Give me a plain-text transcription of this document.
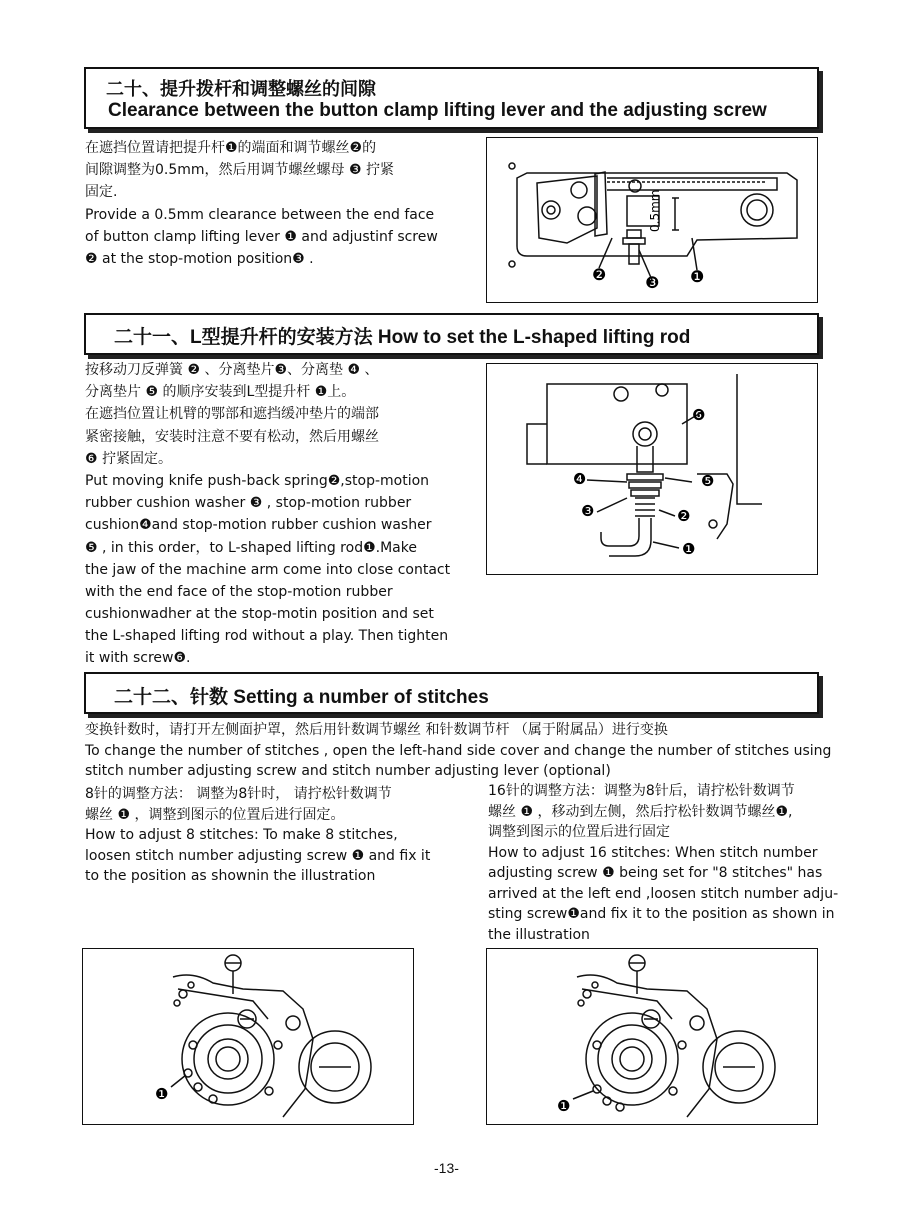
二十、提升拨杆和调整螺丝的间隙
Clearance between the button clamp lifting lever and the adjusting screw
在遮挡位置请把提升杆❶的端面和调节螺丝❷的
间隙调整为0.5mm，然后用调节螺丝螺母 ❸ 拧紧
固定.
Provide a 0.5mm clearance between the end face
of button clamp lifting lever ❶ and adjustinf screw
❷ at the stop-motion position❸ .
0.5mm
❷ ❸ ❶
二十一、L型提升杆的安装方法 How to set the L-shaped lifting rod
按移动刀反弹簧 ❷ 、分离垫片❸、分离垫 ❹ 、
分离垫片 ❺ 的顺序安装到L型提升杆 ❶上。
在遮挡位置让机臂的鄂部和遮挡缓冲垫片的端部
紧密接触，安装时注意不要有松动，然后用螺丝
❻ 拧紧固定。
Put moving knife push-back spring❷,stop-motion
rubber cushion washer ❸ , stop-motion rubber
cushion❹and stop-motion rubber cushion washer
❺ , in this order，to L-shaped lifting rod❶.Make
the jaw of the machine arm come into close contact
with the end face of the stop-motion rubber
cushionwadher at the stop-motin position and set
the L-shaped lifting rod without a play. Then tighten
it with screw❻.
❻
❹	❺
❸	❷
❶
二十二、针数 Setting a number of stitches
变换针数时，请打开左侧面护罩，然后用针数调节螺丝 和针数调节杆 （属于附属品）进行变换
To change the number of stitches , open the left-hand side cover and change the number of stitches using
stitch number adjusting screw and stitch number adjusting lever (optional)
8针的调整方法： 调整为8针时， 请拧松针数调节
螺丝 ❶ ，调整到图示的位置后进行固定。
How to adjust 8 stitches: To make 8 stitches,
loosen stitch number adjusting screw ❶ and fix it
to the position as shownin the illustration
16针的调整方法：调整为8针后，请拧松针数调节
螺丝 ❶ ，移动到左侧，然后拧松针数调节螺丝❶,
调整到图示的位置后进行固定
How to adjust 16 stitches: When stitch number
adjusting screw ❶ being set for "8 stitches" has
arrived at the left end ,loosen stitch number adju-
sting screw❶and fix it to the position as shown in
the illustration
❶
❶
-13-
